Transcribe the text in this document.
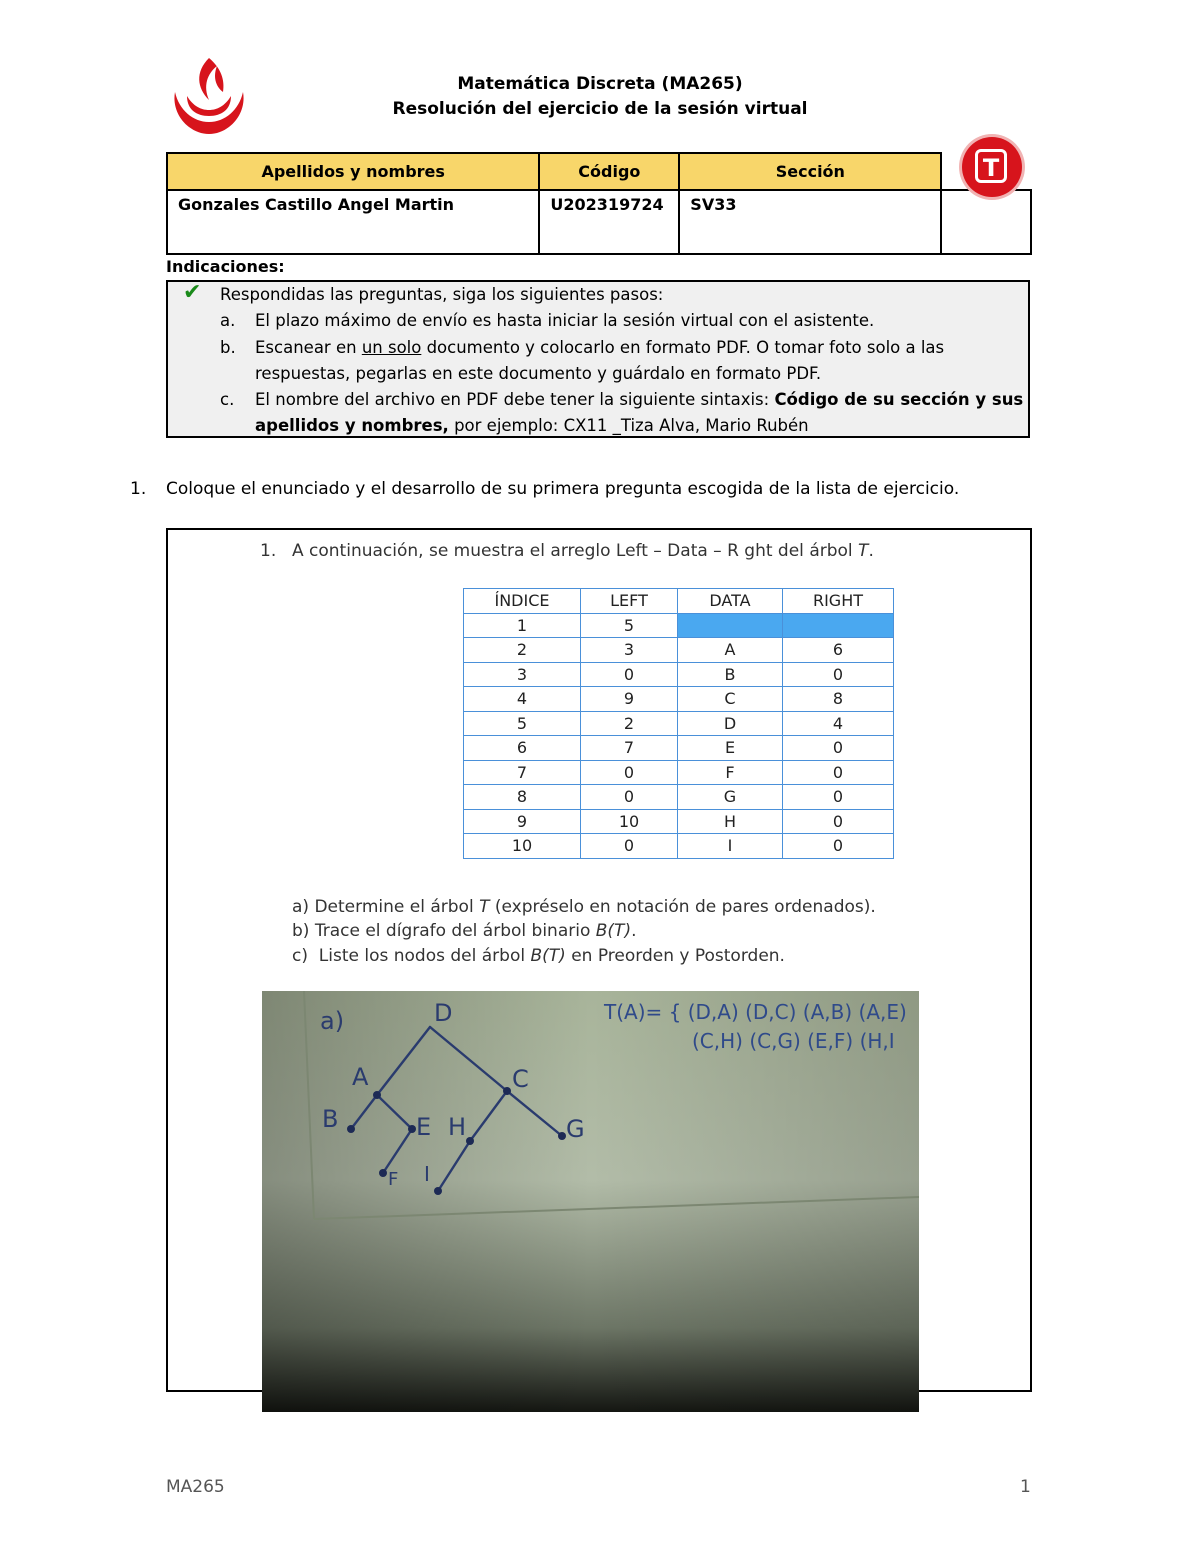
Matemática Discreta (MA265)
Resolución del ejercicio de la sesión virtual
Apellidos y nombres	Código	Sección	
Gonzales Castillo Angel Martin	U202319724	SV33	
T
Indicaciones:
✔ Respondidas las preguntas, siga los siguientes pasos:
a. El plazo máximo de envío es hasta iniciar la sesión virtual con el asistente.
b. Escanear en un solo documento y colocarlo en formato PDF. O tomar foto solo a las
respuestas, pegarlas en este documento y guárdalo en formato PDF.
c. El nombre del archivo en PDF debe tener la siguiente sintaxis: Código de su sección y sus
apellidos y nombres, por ejemplo: CX11 _Tiza Alva, Mario Rubén
1. Coloque el enunciado y el desarrollo de su primera pregunta escogida de la lista de ejercicio.
1. A continuación, se muestra el arreglo Left – Data – R ght del árbol T.
ÍNDICE	LEFT	DATA	RIGHT
1	5		
2	3	A	6
3	0	B	0
4	9	C	8
5	2	D	4
6	7	E	0
7	0	F	0
8	0	G	0
9	10	H	0
10	0	I	0
a) Determine el árbol T (expréselo en notación de pares ordenados).
b) Trace el dígrafo del árbol binario B(T).
c) Liste los nodos del árbol B(T) en Preorden y Postorden.
a)	D
A	C
B	E H	G
F I
T(A)= { (D,A) (D,C) (A,B) (A,E)
(C,H) (C,G) (E,F) (H,I
MA265	1
